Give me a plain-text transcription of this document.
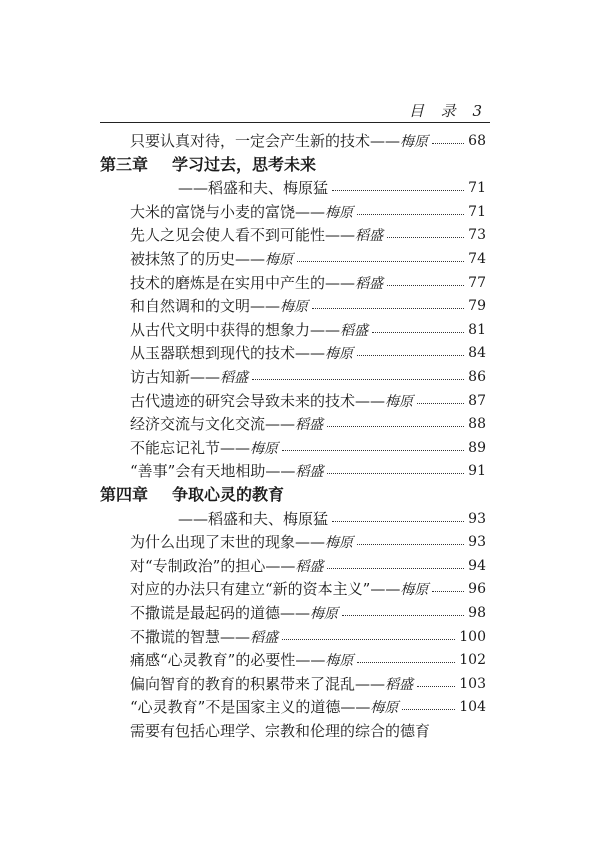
目 录 3
只要认真对待，一定会产生新的技术——梅原	68
第三章 学习过去，思考未来
——稻盛和夫、梅原猛	71
大米的富饶与小麦的富饶——梅原	71
先人之见会使人看不到可能性——稻盛	73
被抹煞了的历史——梅原	74
技术的磨炼是在实用中产生的——稻盛	77
和自然调和的文明——梅原	79
从古代文明中获得的想象力——稻盛	81
从玉器联想到现代的技术——梅原	84
访古知新——稻盛	86
古代遗迹的研究会导致未来的技术——梅原	87
经济交流与文化交流——稻盛	88
不能忘记礼节——梅原	89
“善事”会有天地相助——稻盛	91
第四章 争取心灵的教育
——稻盛和夫、梅原猛	93
为什么出现了末世的现象——梅原	93
对“专制政治”的担心——稻盛	94
对应的办法只有建立“新的资本主义”——梅原	96
不撒谎是最起码的道德——梅原	98
不撒谎的智慧——稻盛	100
痛感“心灵教育”的必要性——梅原	102
偏向智育的教育的积累带来了混乱——稻盛	103
“心灵教育”不是国家主义的道德——梅原	104
需要有包括心理学、宗教和伦理的综合的德育
